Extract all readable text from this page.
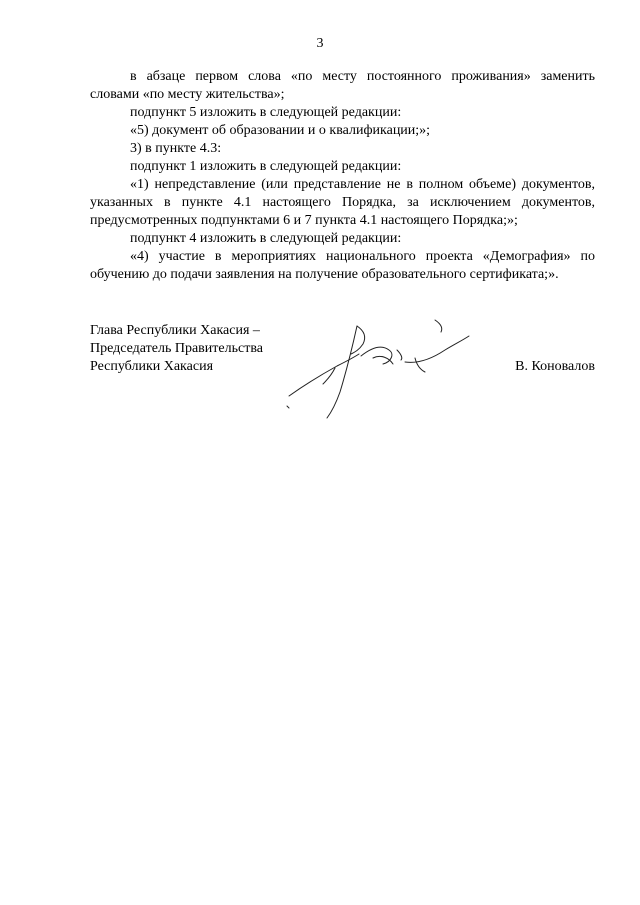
3

в абзаце первом слова «по месту постоянного проживания» заменить словами «по месту жительства»;

подпункт 5 изложить в следующей редакции:

«5) документ об образовании и о квалификации;»;

3) в пункте 4.3:

подпункт 1 изложить в следующей редакции:

«1) непредставление (или представление не в полном объеме) документов, указанных в пункте 4.1 настоящего Порядка, за исключением документов, предусмотренных подпунктами 6 и 7 пункта 4.1 настоящего Порядка;»;

подпункт 4 изложить в следующей редакции:

«4) участие в мероприятиях национального проекта «Демография» по обучению до подачи заявления на получение образовательного сертификата;».

Глава Республики Хакасия –
Председатель Правительства
Республики Хакасия	В. Коновалов
